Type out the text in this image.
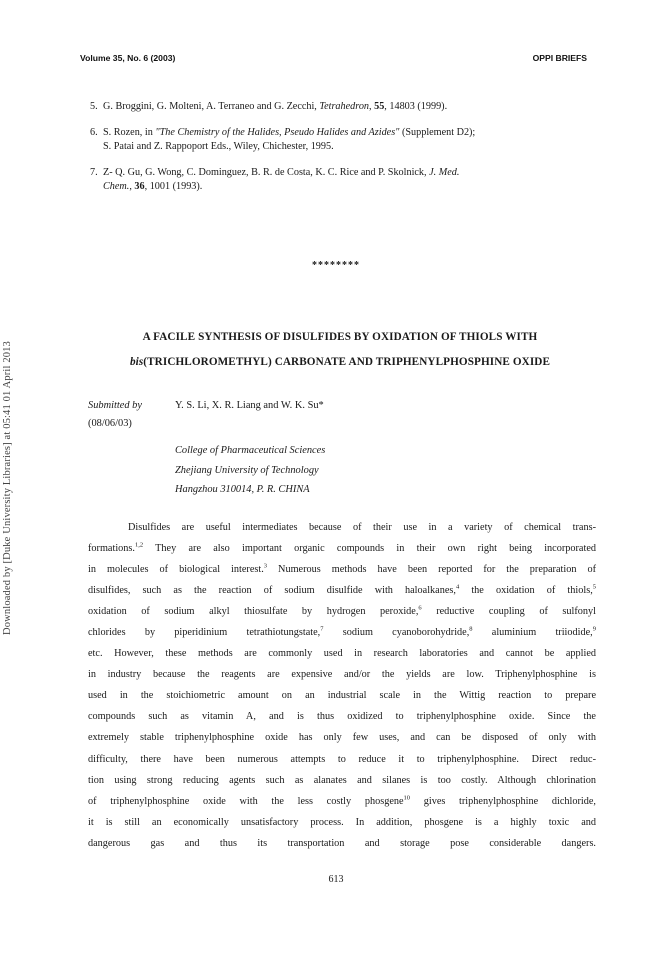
Downloaded by [Duke University Libraries] at 05:41 01 April 2013
Volume 35, No. 6 (2003)	OPPI BRIEFS
5. G. Broggini, G. Molteni, A. Terraneo and G. Zecchi, Tetrahedron, 55, 14803 (1999).
6. S. Rozen, in "The Chemistry of the Halides, Pseudo Halides and Azides" (Supplement D2);
S. Patai and Z. Rappoport Eds., Wiley, Chichester, 1995.
7. Z- Q. Gu, G. Wong, C. Dominguez, B. R. de Costa, K. C. Rice and P. Skolnick, J. Med.
Chem., 36, 1001 (1993).
********
A FACILE SYNTHESIS OF DISULFIDES BY OXIDATION OF THIOLS WITH
bis(TRICHLOROMETHYL) CARBONATE AND TRIPHENYLPHOSPHINE OXIDE
Submitted by
(08/06/03)
Y. S. Li, X. R. Liang and W. K. Su*
College of Pharmaceutical Sciences
Zhejiang University of Technology
Hangzhou 310014, P. R. CHINA
Disulfides are useful intermediates because of their use in a variety of chemical trans-
formations.$^{1,2}$ They are also important organic compounds in their own right being incorporated
in molecules of biological interest.$^3$ Numerous methods have been reported for the preparation of
disulfides, such as the reaction of sodium disulfide with haloalkanes,$^4$ the oxidation of thiols,$^5$
oxidation of sodium alkyl thiosulfate by hydrogen peroxide,$^6$ reductive coupling of sulfonyl
chlorides by piperidinium tetrathiotungstate,$^7$ sodium cyanoborohydride,$^8$ aluminium triiodide,$^9$
etc. However, these methods are commonly used in research laboratories and cannot be applied
in industry because the reagents are expensive and/or the yields are low. Triphenylphosphine is
used in the stoichiometric amount on an industrial scale in the Wittig reaction to prepare
compounds such as vitamin A, and is thus oxidized to triphenylphosphine oxide. Since the
extremely stable triphenylphosphine oxide has only few uses, and can be disposed of only with
difficulty, there have been numerous attempts to reduce it to triphenylphosphine. Direct reduc-
tion using strong reducing agents such as alanates and silanes is too costly. Although chlorination
of triphenylphosphine oxide with the less costly phosgene$^{10}$ gives triphenylphosphine dichloride,
it is still an economically unsatisfactory process. In addition, phosgene is a highly toxic and
dangerous gas and thus its transportation and storage pose considerable dangers.
613
